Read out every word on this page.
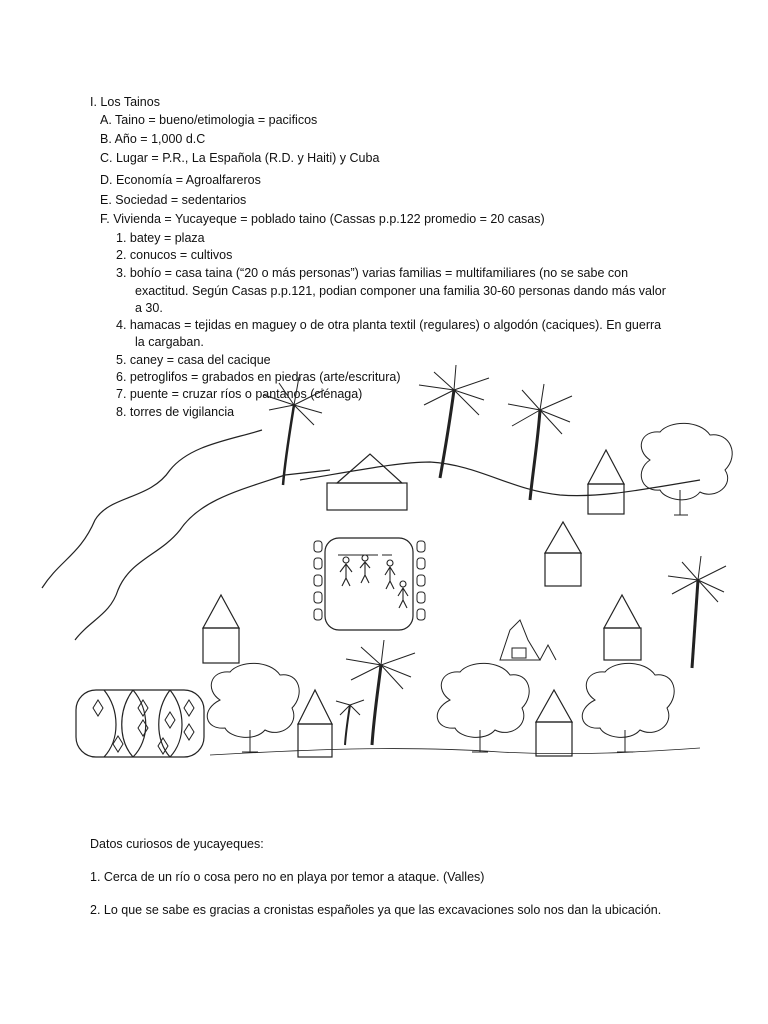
I. Los Tainos
A. Taino = bueno/etimologia = pacificos
B. Año = 1,000 d.C
C. Lugar = P.R., La Española (R.D. y Haiti) y Cuba
D. Economía = Agroalfareros
E. Sociedad = sedentarios
F. Vivienda = Yucayeque = poblado taino (Cassas p.p.122 promedio = 20 casas)
1. batey = plaza
2. conucos = cultivos
3. bohío = casa taina (“20 o más personas”) varias familias = multifamiliares (no se sabe con
exactitud. Según Casas p.p.121, podian componer una familia 30-60 personas dando más valor
a 30.
4. hamacas = tejidas en maguey o de otra planta textil (regulares) o algodón (caciques). En guerra
la cargaban.
5. caney = casa del cacique
6. petroglifos = grabados en piedras (arte/escritura)
7. puente = cruzar ríos o pantanos (ciénaga)
8. torres de vigilancia
Datos curiosos de yucayeques:
1. Cerca de un río o cosa pero no en playa por temor a ataque. (Valles)
2. Lo que se sabe es gracias a cronistas españoles ya que las excavaciones solo nos dan la ubicación.
